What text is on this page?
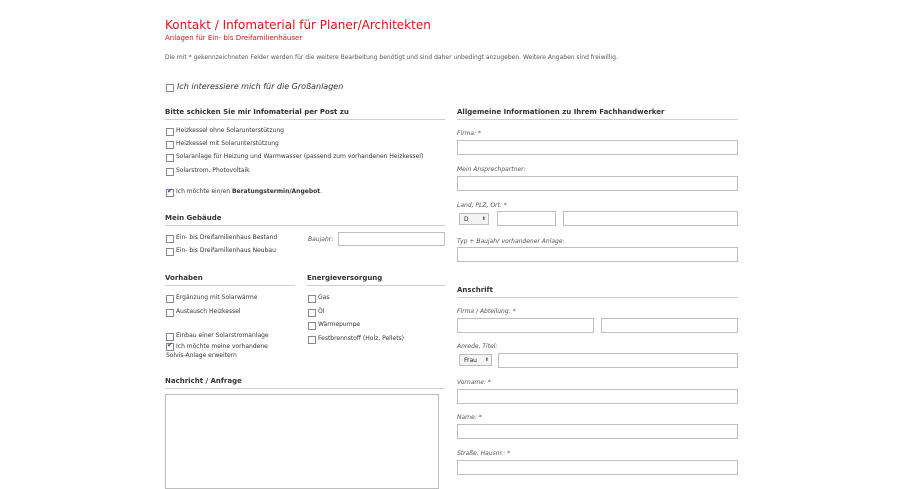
Kontakt / Infomaterial für Planer/Architekten
Anlagen für Ein- bis Dreifamilienhäuser
Die mit * gekennzeichneten Felder werden für die weitere Bearbeitung benötigt und sind daher unbedingt anzugeben. Weitere Angaben sind freiwillig.
Ich interessiere mich für die Großanlagen
Bitte schicken Sie mir Infomaterial per Post zu
Heizkessel ohne Solarunterstützung
Heizkessel mit Solarunterstützung
Solaranlage für Heizung und Warmwasser (passend zum vorhandenen Heizkessel)
Solarstrom, Photovoltaik
✔
Ich möchte ein/en Beratungstermin/Angebot.
Mein Gebäude
Ein- bis Dreifamilienhaus Bestand
Ein- bis Dreifamilienhaus Neubau
Baujahr:
Vorhaben	Energieversorgung
Ergänzung mit Solarwärme
Austausch Heizkessel
Einbau einer Solarstromanlage
✔
Ich möchte meine vorhandene
Solvis-Anlage erweitern
Gas
Öl
Wärmepumpe
Festbrennstoff (Holz, Pellets)
Nachricht / Anfrage
Allgemeine Informationen zu Ihrem Fachhandwerker
Firma: *
Mein Ansprechpartner:
Land, PLZ, Ort: *
D	⬍
Typ + Baujahr vorhandener Anlage:
Anschrift
Firma / Abteilung: *
Anrede, Titel:
Frau ⬍
Vorname: *
Name: *
Straße, Hausnr.: *
